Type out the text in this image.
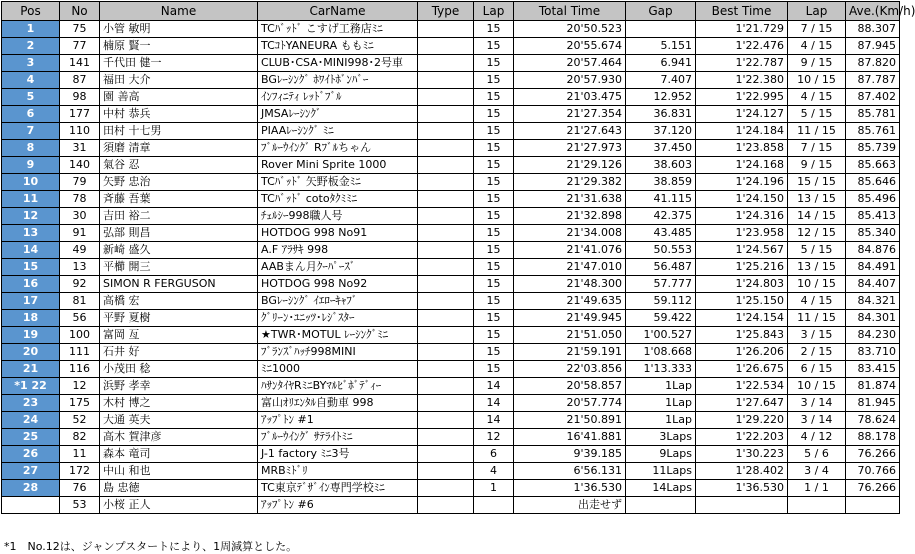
Pos	No	Name	CarName	Type	Lap	Total Time	Gap	Best Time	Lap	Ave.(Km/h)
1	75	小管 敏明	TCﾊﾞｯﾄﾞ こすげ工務店ﾐﾆ		15	20'50.523		1'21.729	7 / 15	88.307
2	77	楠原 賢一	TCｺﾄYANEURA ももﾐﾆ		15	20'55.674	5.151	1'22.476	4 / 15	87.945
3	141	千代田 健一	CLUB･CSA･MINI998･2号車		15	20'57.464	6.941	1'22.787	9 / 15	87.820
4	87	福田 大介	BGﾚｰｼﾝｸﾞ ﾎﾜｲﾄﾎﾞﾝﾊﾞｰ		15	20'57.930	7.407	1'22.380	10 / 15	87.787
5	98	園 善高	ｲﾝﾌｨﾆﾃｨ ﾚｯﾄﾞﾌﾞﾙ		15	21'03.475	12.952	1'22.995	4 / 15	87.402
6	177	中村 恭兵	JMSAﾚｰｼﾝｸﾞ		15	21'27.354	36.831	1'24.127	5 / 15	85.781
7	110	田村 十七男	PIAAﾚｰｼﾝｸﾞ ﾐﾆ		15	21'27.643	37.120	1'24.184	11 / 15	85.761
8	31	須磨 清章	ﾌﾞﾙｰｳｲﾝｸﾞ Rﾌﾞﾙちゃん		15	21'27.973	37.450	1'23.858	7 / 15	85.739
9	140	氣谷 忍	Rover Mini Sprite 1000		15	21'29.126	38.603	1'24.168	9 / 15	85.663
10	79	矢野 忠治	TCﾊﾞｯﾄﾞ 矢野板金ﾐﾆ		15	21'29.382	38.859	1'24.196	15 / 15	85.646
11	78	斉藤 吾葉	TCﾊﾞｯﾄﾞ cotoﾀｸﾐﾐﾆ		15	21'31.638	41.115	1'24.150	13 / 15	85.496
12	30	吉田 裕二	ﾁｪﾙｼｰ998職人号		15	21'32.898	42.375	1'24.316	14 / 15	85.413
13	91	弘部 則昌	HOTDOG 998 No91		15	21'34.008	43.485	1'23.958	12 / 15	85.340
14	49	新崎 盛久	A.F ｱﾗｻｷ 998		15	21'41.076	50.553	1'24.567	5 / 15	84.876
15	13	平櫛 開三	AABまん月ｸｰﾊﾟｰｽﾞ		15	21'47.010	56.487	1'25.216	13 / 15	84.491
16	92	SIMON R FERGUSON	HOTDOG 998 No92		15	21'48.300	57.777	1'24.803	10 / 15	84.407
17	81	高橋 宏	BGﾚｰｼﾝｸﾞ ｲｴﾛｰｷｬﾌﾞ		15	21'49.635	59.112	1'25.150	4 / 15	84.321
18	56	平野 夏樹	ｸﾞﾘｰﾝ･ﾕﾆｯﾂ･ﾚｼﾞｽﾀｰ		15	21'49.945	59.422	1'24.154	11 / 15	84.301
19	100	富岡 亙	★TWR･MOTUL ﾚｰｼﾝｸﾞﾐﾆ		15	21'51.050	1'00.527	1'25.843	3 / 15	84.230
20	111	石井 好	ﾌﾞﾗﾝｽﾞﾊｯﾁ998MINI		15	21'59.191	1'08.668	1'26.206	2 / 15	83.710
21	116	小茂田 稔	ﾐﾆ1000		15	22'03.856	1'13.333	1'26.675	6 / 15	83.415
*1 22	12	浜野 孝幸	ﾊｻﾝﾀｲﾔRﾐﾆBYﾏﾙﾋﾞﾎﾞﾃﾞｨｰ		14	20'58.857	1Lap	1'22.534	10 / 15	81.874
23	175	木村 博之	富山ｵﾘｴﾝﾀﾙ自動車 998		14	20'57.774	1Lap	1'27.647	3 / 14	81.945
24	52	大通 英夫	ｱｯﾌﾟﾄﾝ #1		14	21'50.891	1Lap	1'29.220	3 / 14	78.624
25	82	高木 賀津彦	ﾌﾞﾙｰｳｲﾝｸﾞ ｻﾃﾗｲﾄﾐﾆ		12	16'41.881	3Laps	1'22.203	4 / 12	88.178
26	11	森本 竜司	J-1 factory ﾐﾆ3号		6	9'39.185	9Laps	1'30.223	5 / 6	76.266
27	172	中山 和也	MRBﾐﾄﾞﾘ		4	6'56.131	11Laps	1'28.402	3 / 4	70.766
28	76	島 忠徳	TC東京ﾃﾞｻﾞｲﾝ専門学校ﾐﾆ		1	1'36.530	14Laps	1'36.530	1 / 1	76.266
	53	小桜 正人	ｱｯﾌﾟﾄﾝ #6			出走せず				
*1　No.12は、ジャンプスタートにより、1周減算とした。
